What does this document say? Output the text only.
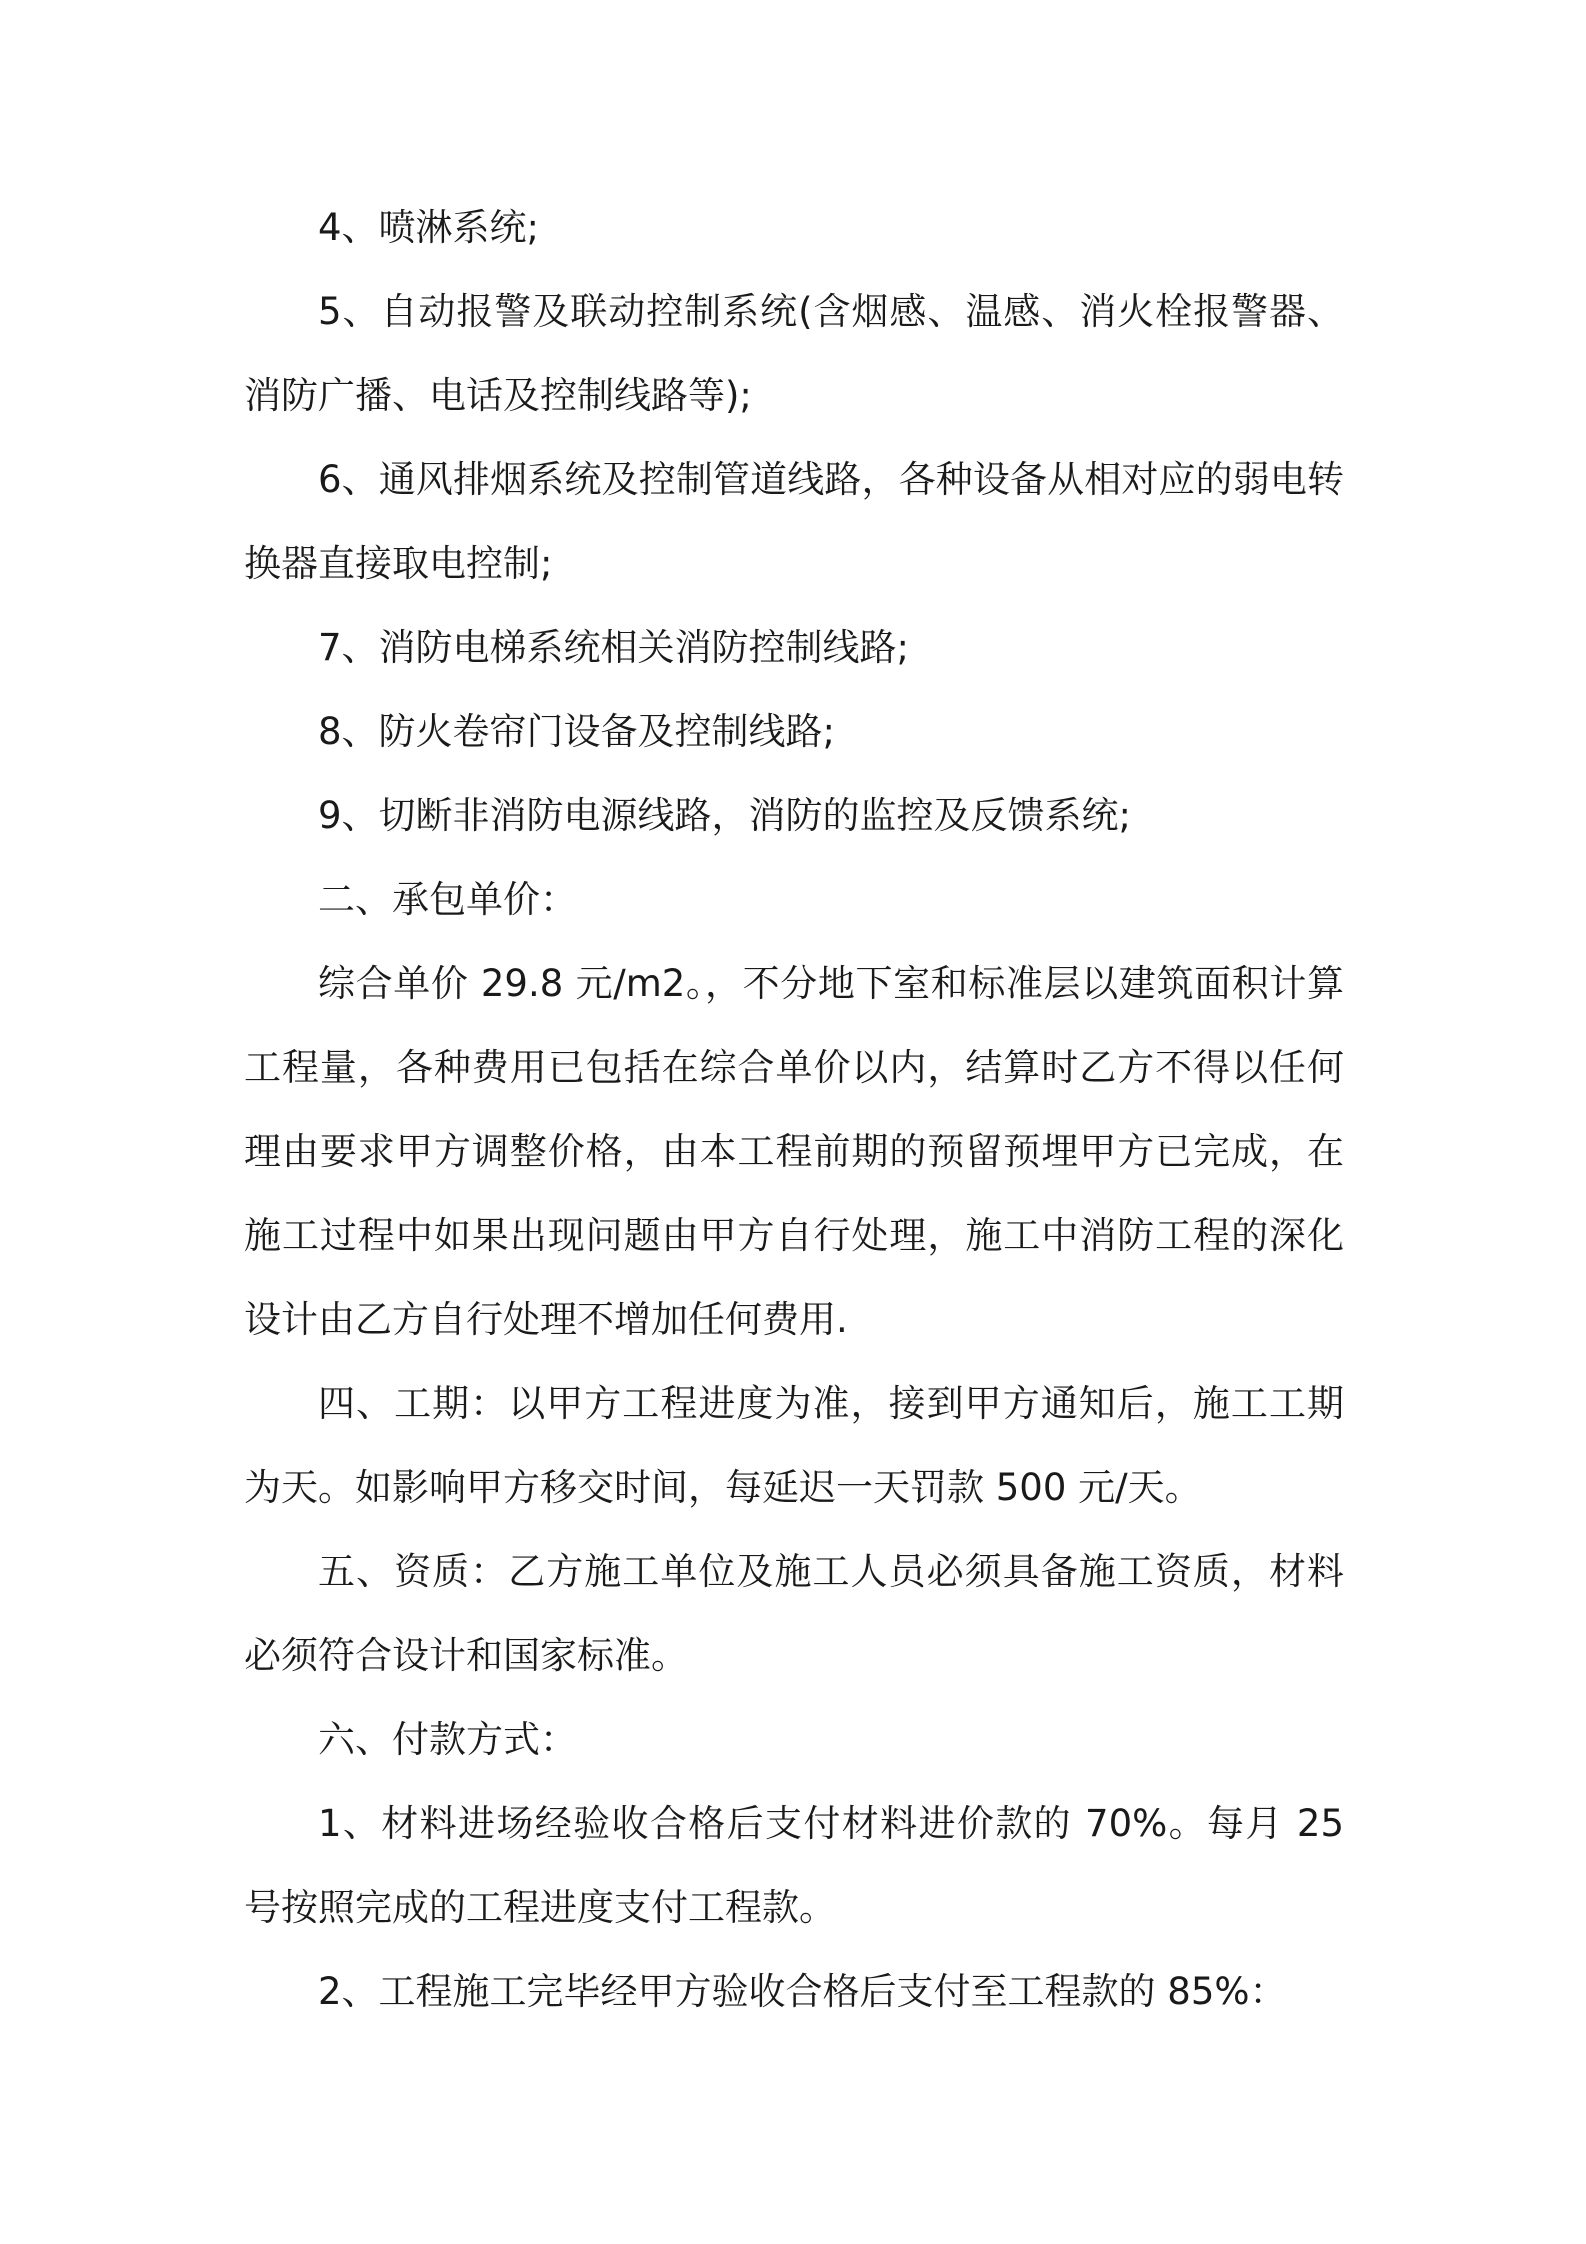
4、喷淋系统;

5、自动报警及联动控制系统(含烟感、温感、消火栓报警器、消防广播、电话及控制线路等);

6、通风排烟系统及控制管道线路，各种设备从相对应的弱电转换器直接取电控制;

7、消防电梯系统相关消防控制线路;

8、防火卷帘门设备及控制线路;

9、切断非消防电源线路，消防的监控及反馈系统;

二、承包单价：

综合单价 29.8 元/m2。，不分地下室和标准层以建筑面积计算工程量，各种费用已包括在综合单价以内，结算时乙方不得以任何理由要求甲方调整价格，由本工程前期的预留预埋甲方已完成，在施工过程中如果出现问题由甲方自行处理，施工中消防工程的深化设计由乙方自行处理不增加任何费用.

四、工期：以甲方工程进度为准，接到甲方通知后，施工工期为天。如影响甲方移交时间，每延迟一天罚款 500 元/天。

五、资质：乙方施工单位及施工人员必须具备施工资质，材料必须符合设计和国家标准。

六、付款方式：

1、材料进场经验收合格后支付材料进价款的 70%。每月 25 号按照完成的工程进度支付工程款。

2、工程施工完毕经甲方验收合格后支付至工程款的 85%：
